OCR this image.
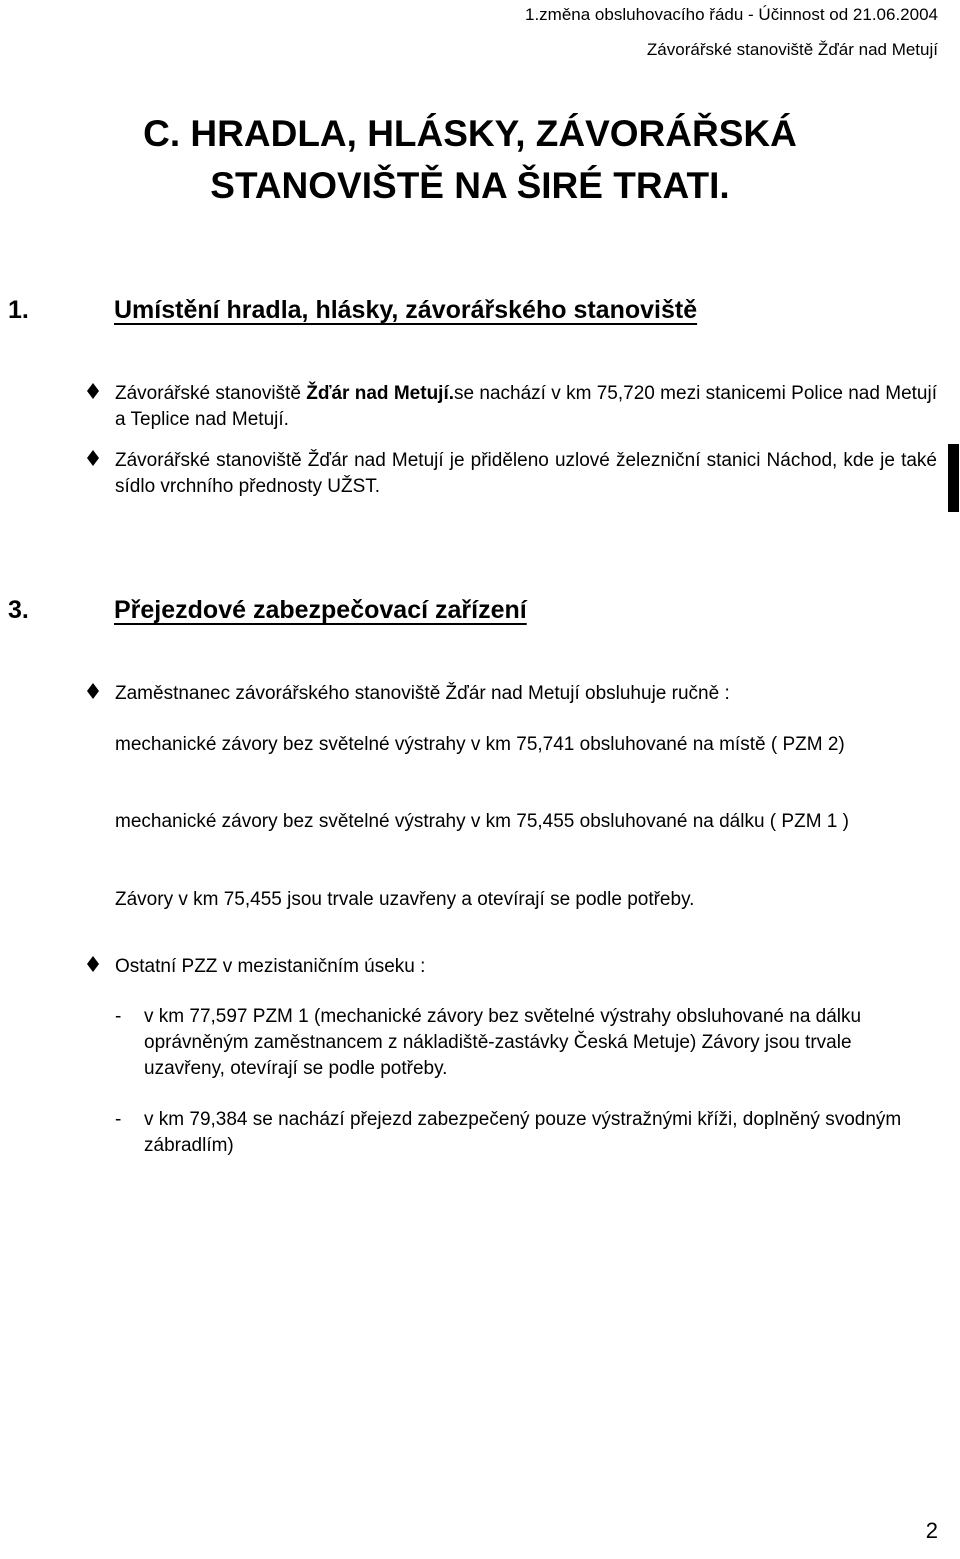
1.změna obsluhovacího řádu - Účinnost od 21.06.2004
Závorářské stanoviště Žďár nad Metují
C. HRADLA, HLÁSKY, ZÁVORÁŘSKÁ
STANOVIŠTĚ NA ŠIRÉ TRATI.
1.	Umístění hradla, hlásky, závorářského stanoviště
Závorářské stanoviště Žďár nad Metují.se nachází v km 75,720 mezi stanicemi Police nad Metují a Teplice nad Metují.
Závorářské stanoviště Žďár nad Metují je přiděleno uzlové železniční stanici Náchod, kde je také sídlo vrchního přednosty UŽST.
3.	Přejezdové zabezpečovací zařízení
Zaměstnanec závorářského stanoviště Žďár nad Metují obsluhuje ručně :
mechanické závory bez světelné výstrahy v km 75,741 obsluhované na místě ( PZM 2)
mechanické závory bez světelné výstrahy v km 75,455 obsluhované na dálku ( PZM 1 )
Závory v km 75,455 jsou trvale uzavřeny a otevírají se podle potřeby.
Ostatní PZZ v mezistaničním úseku :
- v km 77,597 PZM 1 (mechanické závory bez světelné výstrahy obsluhované na dálku oprávněným zaměstnancem z nákladiště-zastávky Česká Metuje) Závory jsou trvale uzavřeny, otevírají se podle potřeby.
- v km 79,384 se nachází přejezd zabezpečený pouze výstražnými kříži, doplněný svodným zábradlím)
2
